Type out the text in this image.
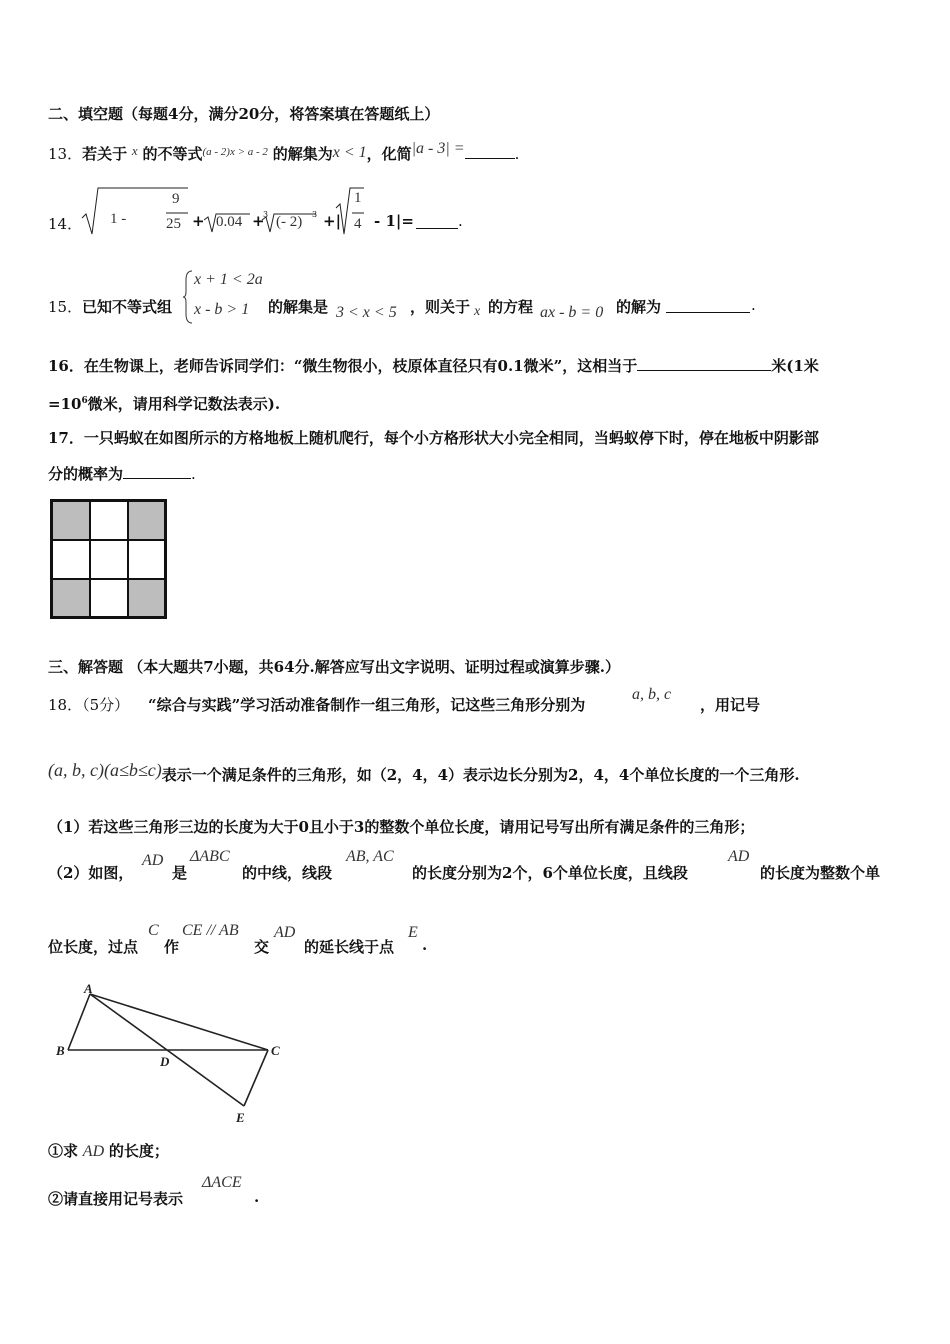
二、填空题（每题4分，满分20分，将答案填在答题纸上）
13．若关于 x 的不等式$^{(a - 2)x > a - 2}$ 的解集为x < 1，化简|a - 3| =	.
14． 1 -
9
25 + 0.04 +
3 (- 2) 3 +|
1
4 - 1|=	.
15． 已知不等式组
x + 1 < 2a
x - b > 1 的解集是 3 < x < 5 ，则关于 x 的方程 ax - b = 0 的解为	.
16．在生物课上，老师告诉同学们：“微生物很小，枝原体直径只有0.1微米”，这相当于	米(1米
$=10^6$微米，请用科学记数法表示).
17．一只蚂蚁在如图所示的方格地板上随机爬行，每个小方格形状大小完全相同，当蚂蚁停下时，停在地板中阴影部
分的概率为	.
三、解答题 （本大题共7小题，共64分.解答应写出文字说明、证明过程或演算步骤.）
18．（5分） “综合与实践”学习活动准备制作一组三角形，记这些三角形分别为
a, b, c
，用记号
(a, b, c)(a≤b≤c)表示一个满足条件的三角形，如（2，4，4）表示边长分别为2，4，4个单位长度的一个三角形.
（1）若这些三角形三边的长度为大于0且小于3的整数个单位长度，请用记号写出所有满足条件的三角形；
（2）如图，
AD
是
ΔABC
的中线，线段
AB, AC
的长度分别为2个，6个单位长度，且线段
AD
的长度为整数个单
位长度，过点
C
作
CE // AB
交
AD
的延长线于点
E
.
A
B	C
D
E
①求 AD 的长度；
②请直接用记号表示
ΔACE
.
